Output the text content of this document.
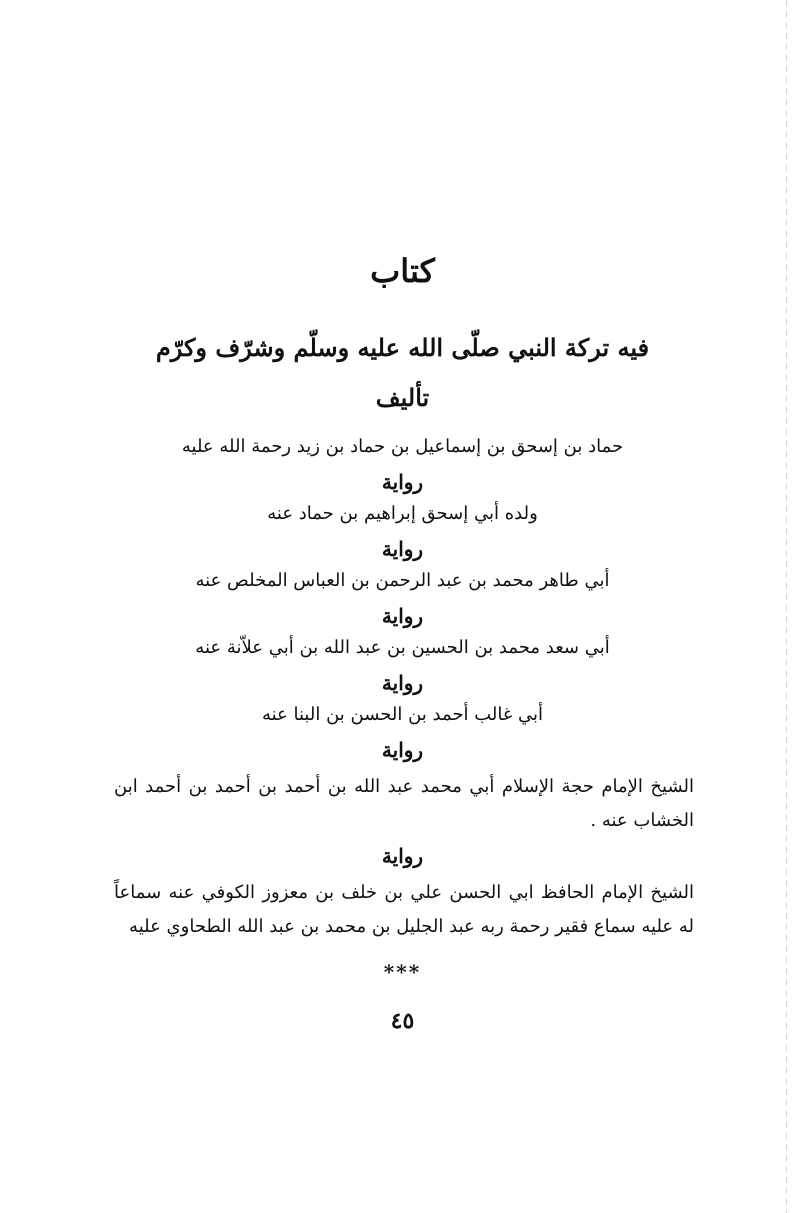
كتاب
فيه تركة النبي صلّى الله عليه وسلّم وشرّف وكرّم
تأليف
حماد بن إسحق بن إسماعيل بن حماد بن زيد رحمة الله عليه
رواية
ولده أبي إسحق إبراهيم بن حماد عنه
رواية
أبي طاهر محمد بن عبد الرحمن بن العباس المخلص عنه
رواية
أبي سعد محمد بن الحسين بن عبد الله بن أبي علاّنة عنه
رواية
أبي غالب أحمد بن الحسن بن البنا عنه
رواية
الشيخ الإمام حجة الإسلام أبي محمد عبد الله بن أحمد بن أحمد بن أحمد ابن الخشاب عنه .
رواية
الشيخ الإمام الحافظ ابي الحسن علي بن خلف بن معزوز الكوفي عنه سماعاً له عليه سماع فقير رحمة ربه عبد الجليل بن محمد بن عبد الله الطحاوي عليه
***
٤٥
